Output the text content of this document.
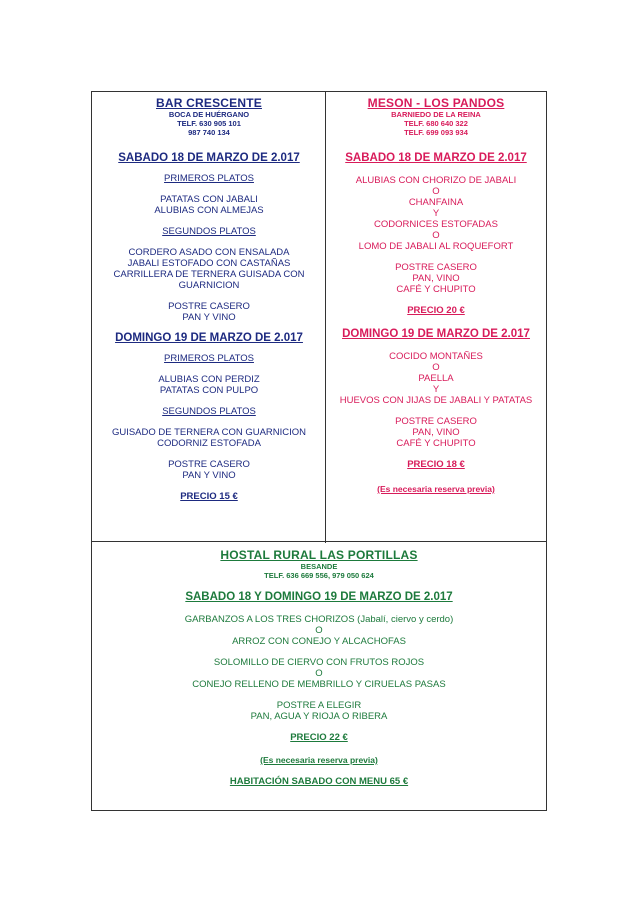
BAR CRESCENTE
BOCA DE HUÉRGANO
TELF. 630 905 101
987 740 134
SABADO 18 DE MARZO DE 2.017
PRIMEROS PLATOS
PATATAS CON JABALI
ALUBIAS CON ALMEJAS
SEGUNDOS PLATOS
CORDERO ASADO CON ENSALADA
JABALI ESTOFADO CON CASTAÑAS
CARRILLERA DE TERNERA GUISADA CON
GUARNICION
POSTRE CASERO
PAN Y VINO
DOMINGO 19 DE MARZO DE 2.017
PRIMEROS PLATOS
ALUBIAS CON PERDIZ
PATATAS CON PULPO
SEGUNDOS PLATOS
GUISADO DE TERNERA CON GUARNICION
CODORNIZ ESTOFADA
POSTRE CASERO
PAN Y VINO
PRECIO 15 €
MESON - LOS PANDOS
BARNIEDO DE LA REINA
TELF. 680 640 322
TELF. 699 093 934
SABADO 18 DE MARZO DE 2.017
ALUBIAS CON CHORIZO DE JABALI
O
CHANFAINA
Y
CODORNICES ESTOFADAS
O
LOMO DE JABALI AL ROQUEFORT
POSTRE CASERO
PAN, VINO
CAFÉ Y CHUPITO
PRECIO 20 €
DOMINGO 19 DE MARZO DE 2.017
COCIDO MONTAÑES
O
PAELLA
Y
HUEVOS CON JIJAS DE JABALI Y PATATAS
POSTRE CASERO
PAN, VINO
CAFÉ Y CHUPITO
PRECIO 18 €
(Es necesaria reserva previa)
HOSTAL RURAL LAS PORTILLAS
BESANDE
TELF. 636 669 556, 979 050 624
SABADO 18 Y DOMINGO 19 DE MARZO DE 2.017
GARBANZOS A LOS TRES CHORIZOS (Jabalí, ciervo y cerdo)
O
ARROZ CON CONEJO Y ALCACHOFAS
SOLOMILLO DE CIERVO CON FRUTOS ROJOS
O
CONEJO RELLENO DE MEMBRILLO Y CIRUELAS PASAS
POSTRE A ELEGIR
PAN, AGUA Y RIOJA O RIBERA
PRECIO 22 €
(Es necesaria reserva previa)
HABITACIÓN SABADO CON MENU 65 €
